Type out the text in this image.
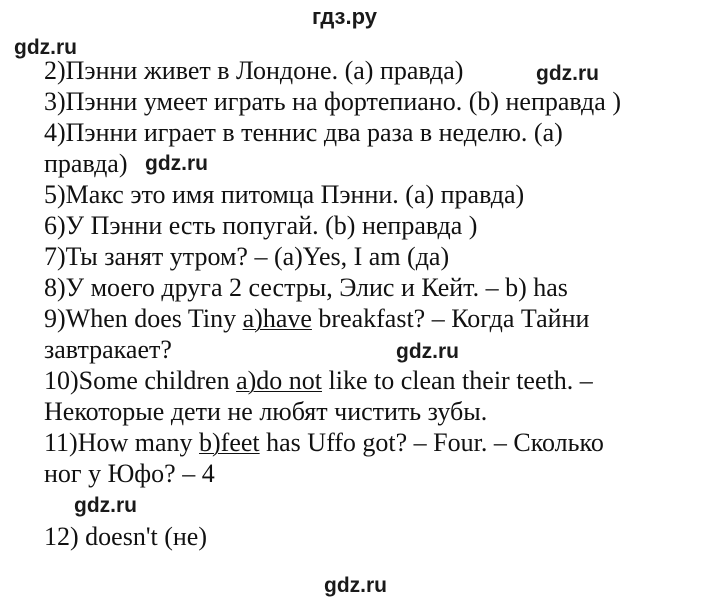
гдз.ру
gdz.ru
gdz.ru
gdz.ru
gdz.ru
gdz.ru
gdz.ru
2)Пэнни живет в Лондоне. (a) правда)
3)Пэнни умеет играть на фортепиано. (b) неправда )
4)Пэнни играет в теннис два раза в неделю. (a)
правда)
5)Макс это имя питомца Пэнни. (a) правда)
6)У Пэнни есть попугай. (b) неправда )
7)Ты занят утром? – (a)Yes, I am (да)
8)У моего друга 2 сестры, Элис и Кейт. – b) has
9)When does Tiny a)have breakfast? – Когда Тайни
завтракает?
10)Some children a)do not like to clean their teeth. –
Некоторые дети не любят чистить зубы.
11)How many b)feet has Uffo got? – Four. – Сколько
ног у Юфо? – 4
12) doesn't (не)
